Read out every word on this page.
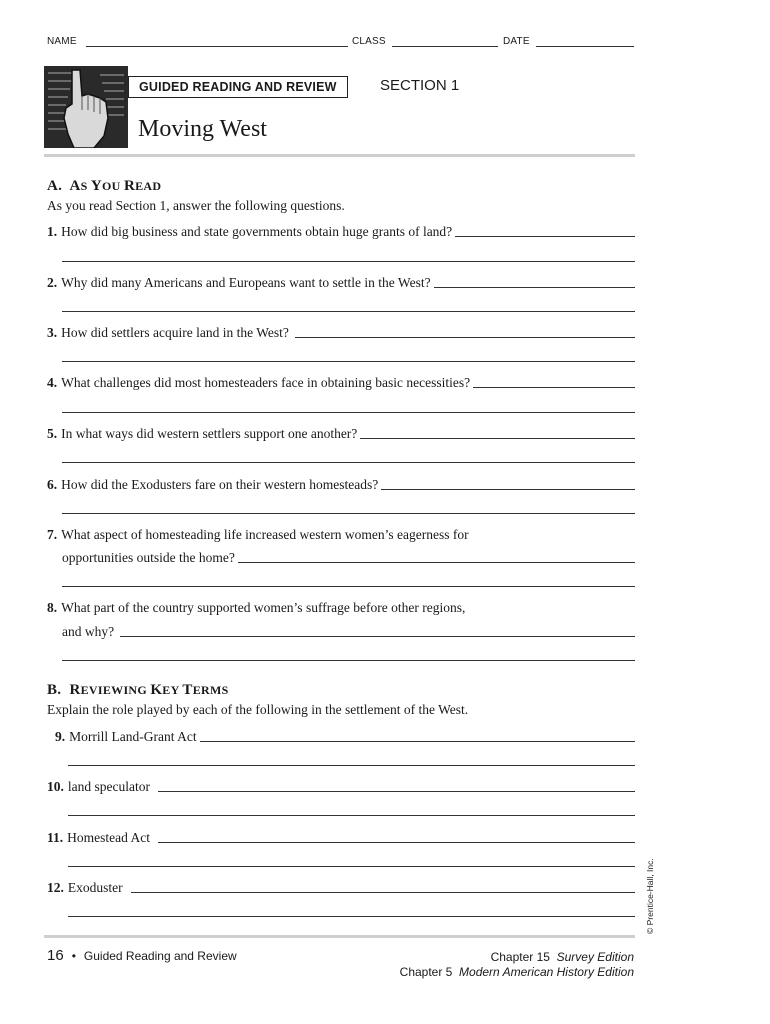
NAME	CLASS	DATE
GUIDED READING AND REVIEW	SECTION 1
Moving West
A. AS YOU READ
As you read Section 1, answer the following questions.
1. How did big business and state governments obtain huge grants of land?
2. Why did many Americans and Europeans want to settle in the West?
3. How did settlers acquire land in the West?
4. What challenges did most homesteaders face in obtaining basic necessities?
5. In what ways did western settlers support one another?
6. How did the Exodusters fare on their western homesteads?
7. What aspect of homesteading life increased western women’s eagerness for
opportunities outside the home?
8. What part of the country supported women’s suffrage before other regions,
and why?
B. REVIEWING KEY TERMS
Explain the role played by each of the following in the settlement of the West.
9. Morrill Land-Grant Act
10. land speculator
11. Homestead Act
12. Exoduster	© Prentice-Hall, Inc.
16 • Guided Reading and Review	Chapter 15 Survey Edition
Chapter 5 Modern American History Edition
